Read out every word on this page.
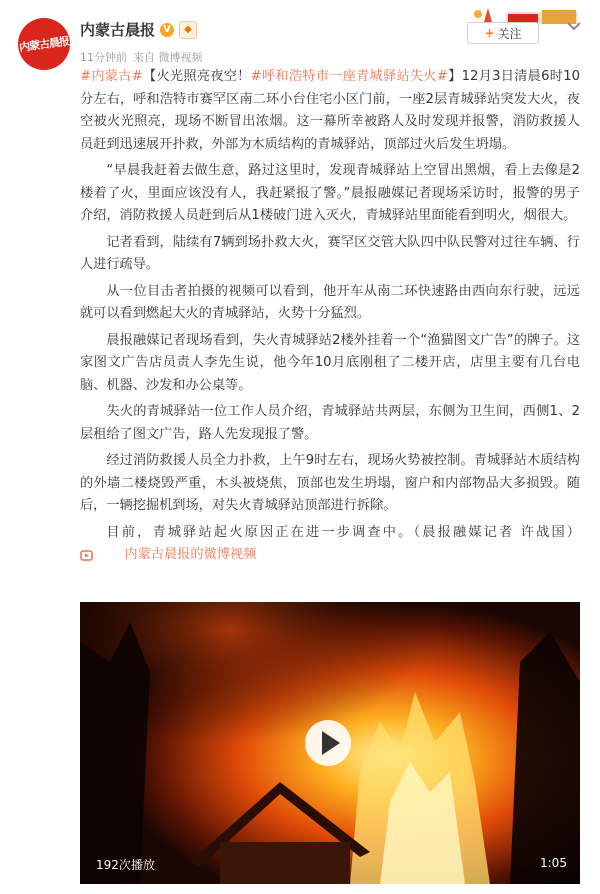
内蒙古晨报
内蒙古晨报 V	◆
11分钟前 来自 微博视频
+ 关注

#内蒙古#【火光照亮夜空！#呼和浩特市一座青城驿站失火#】12月3日清晨6时10分左右，呼和浩特市赛罕区南二环小台住宅小区门前，一座2层青城驿站突发大火，夜空被火光照亮，现场不断冒出浓烟。这一幕所幸被路人及时发现并报警，消防救援人员赶到迅速展开扑救，外部为木质结构的青城驿站，顶部过火后发生坍塌。

“早晨我赶着去做生意，路过这里时，发现青城驿站上空冒出黑烟，看上去像是2楼着了火，里面应该没有人，我赶紧报了警。”晨报融媒记者现场采访时，报警的男子介绍，消防救援人员赶到后从1楼破门进入灭火，青城驿站里面能看到明火，烟很大。

记者看到，陆续有7辆到场扑救大火，赛罕区交管大队四中队民警对过往车辆、行人进行疏导。

从一位目击者拍摄的视频可以看到，他开车从南二环快速路由西向东行驶，远远就可以看到燃起大火的青城驿站，火势十分猛烈。

晨报融媒记者现场看到，失火青城驿站2楼外挂着一个“渔猫图文广告”的牌子。这家图文广告店员责人李先生说，他今年10月底刚租了二楼开店，店里主要有几台电脑、机器、沙发和办公桌等。

失火的青城驿站一位工作人员介绍，青城驿站共两层，东侧为卫生间，西侧1、2层租给了图文广告，路人先发现报了警。

经过消防救援人员全力扑救，上午9时左右，现场火势被控制。青城驿站木质结构的外墙二楼烧毁严重，木头被烧焦，顶部也发生坍塌，窗户和内部物品大多损毁。随后，一辆挖掘机到场，对失火青城驿站顶部进行拆除。

目前，青城驿站起火原因正在进一步调查中。（晨报融媒记者 许战国）
内蒙古晨报的微博视频

192次播放	1:05
